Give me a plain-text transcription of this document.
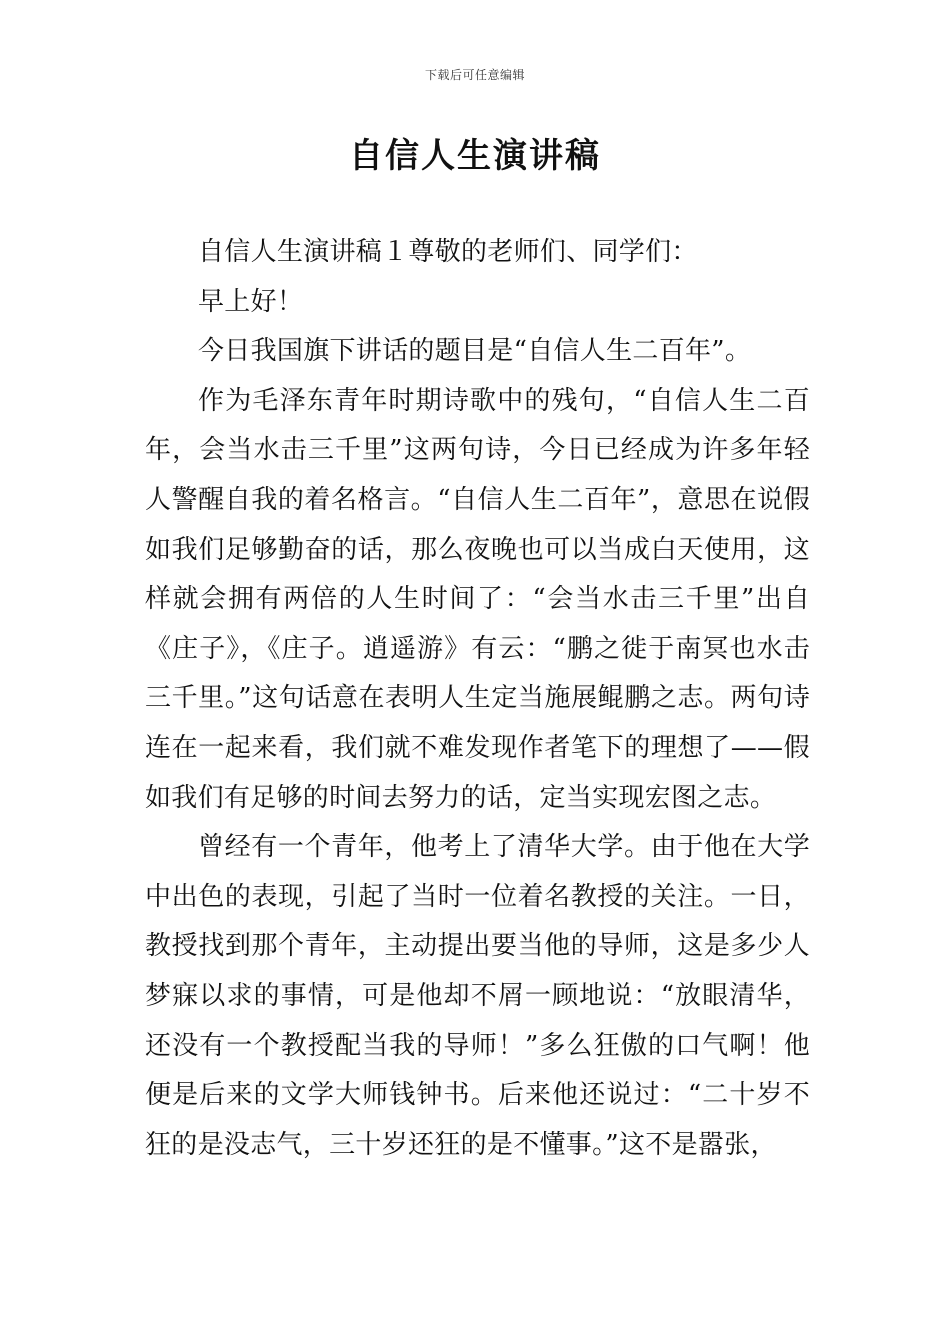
下载后可任意编辑
自信人生演讲稿

自信人生演讲稿１尊敬的老师们、同学们：

早上好！

今日我国旗下讲话的题目是“自信人生二百年”。

作为毛泽东青年时期诗歌中的残句，“自信人生二百年，会当水击三千里”这两句诗，今日已经成为许多年轻人警醒自我的着名格言。“自信人生二百年”，意思在说假如我们足够勤奋的话，那么夜晚也可以当成白天使用，这样就会拥有两倍的人生时间了：“会当水击三千里”出自《庄子》，《庄子。逍遥游》有云：“鹏之徙于南冥也水击三千里。”这句话意在表明人生定当施展鲲鹏之志。两句诗连在一起来看，我们就不难发现作者笔下的理想了——假如我们有足够的时间去努力的话，定当实现宏图之志。

曾经有一个青年，他考上了清华大学。由于他在大学中出色的表现，引起了当时一位着名教授的关注。一日，教授找到那个青年，主动提出要当他的导师，这是多少人梦寐以求的事情，可是他却不屑一顾地说：“放眼清华，还没有一个教授配当我的导师！”多么狂傲的口气啊！他便是后来的文学大师钱钟书。后来他还说过：“二十岁不狂的是没志气，三十岁还狂的是不懂事。”这不是嚣张，
